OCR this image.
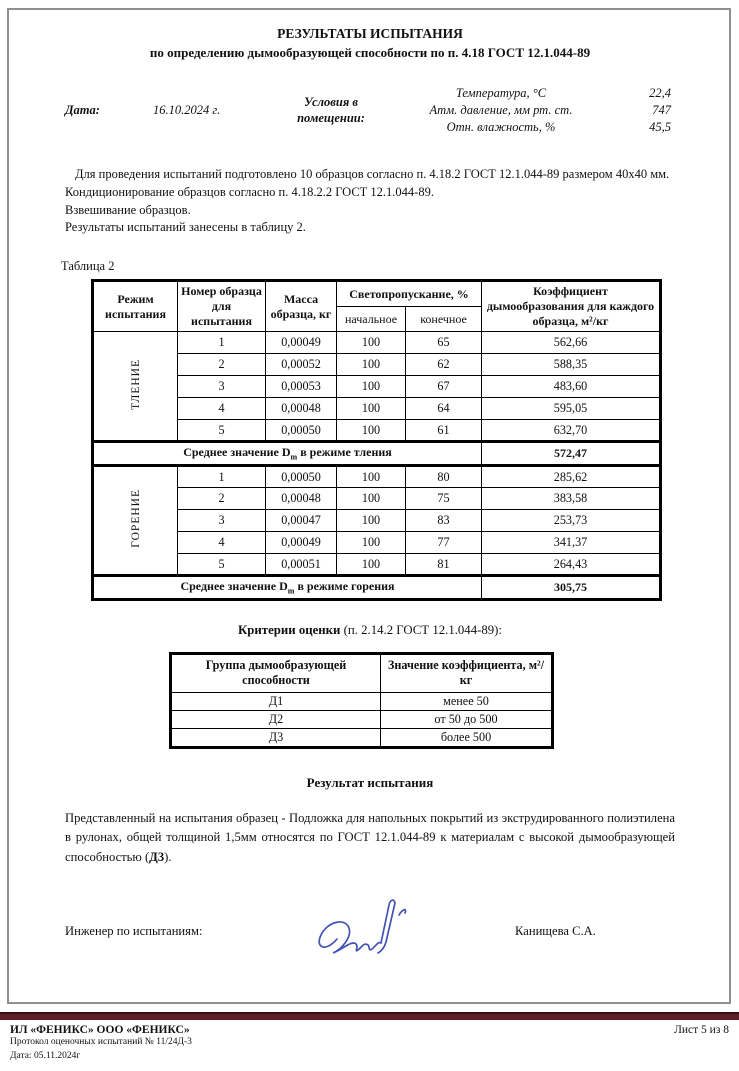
РЕЗУЛЬТАТЫ ИСПЫТАНИЯ
по определению дымообразующей способности по п. 4.18 ГОСТ 12.1.044-89
Дата:	16.10.2024 г.
Условия в помещении:
Температура, °С	22,4
Атм. давление, мм рт. ст.	747
Отн. влажность, %	45,5
Для проведения испытаний подготовлено 10 образцов согласно п. 4.18.2 ГОСТ 12.1.044-89 размером 40х40 мм.
Кондиционирование образцов согласно п. 4.18.2.2 ГОСТ 12.1.044-89.
Взвешивание образцов.
Результаты испытаний занесены в таблицу 2.
Таблица 2
Режим испытания	Номер образца для испытания	Масса образца, кг	Светопропускание, %		Коэффициент дымообразования для каждого образца, м²/кг
			начальное	конечное	
ТЛЕНИЕ	1	0,00049	100	65	562,66
	2	0,00052	100	62	588,35
	3	0,00053	100	67	483,60
	4	0,00048	100	64	595,05
	5	0,00050	100	61	632,70
Среднее значение $D_m$ в режиме тления					572,47
ГОРЕНИЕ	1	0,00050	100	80	285,62
	2	0,00048	100	75	383,58
	3	0,00047	100	83	253,73
	4	0,00049	100	77	341,37
	5	0,00051	100	81	264,43
Среднее значение $D_m$ в режиме горения					305,75
Критерии оценки (п. 2.14.2 ГОСТ 12.1.044-89):
Группа дымообразующей способности	Значение коэффициента, м²/кг
Д1	менее 50
Д2	от 50 до 500
Д3	более 500
Результат испытания
Представленный на испытания образец - Подложка для напольных покрытий из экструдированного полиэтилена в рулонах, общей толщиной 1,5мм относятся по ГОСТ 12.1.044-89 к материалам с высокой дымообразующей способностью (Д3).
Инженер по испытаниям:	Канищева С.А.
ИЛ «ФЕНИКС» ООО «ФЕНИКС»
Протокол оценочных испытаний № 11/24Д-3
Дата: 05.11.2024г
Лист 5 из 8
